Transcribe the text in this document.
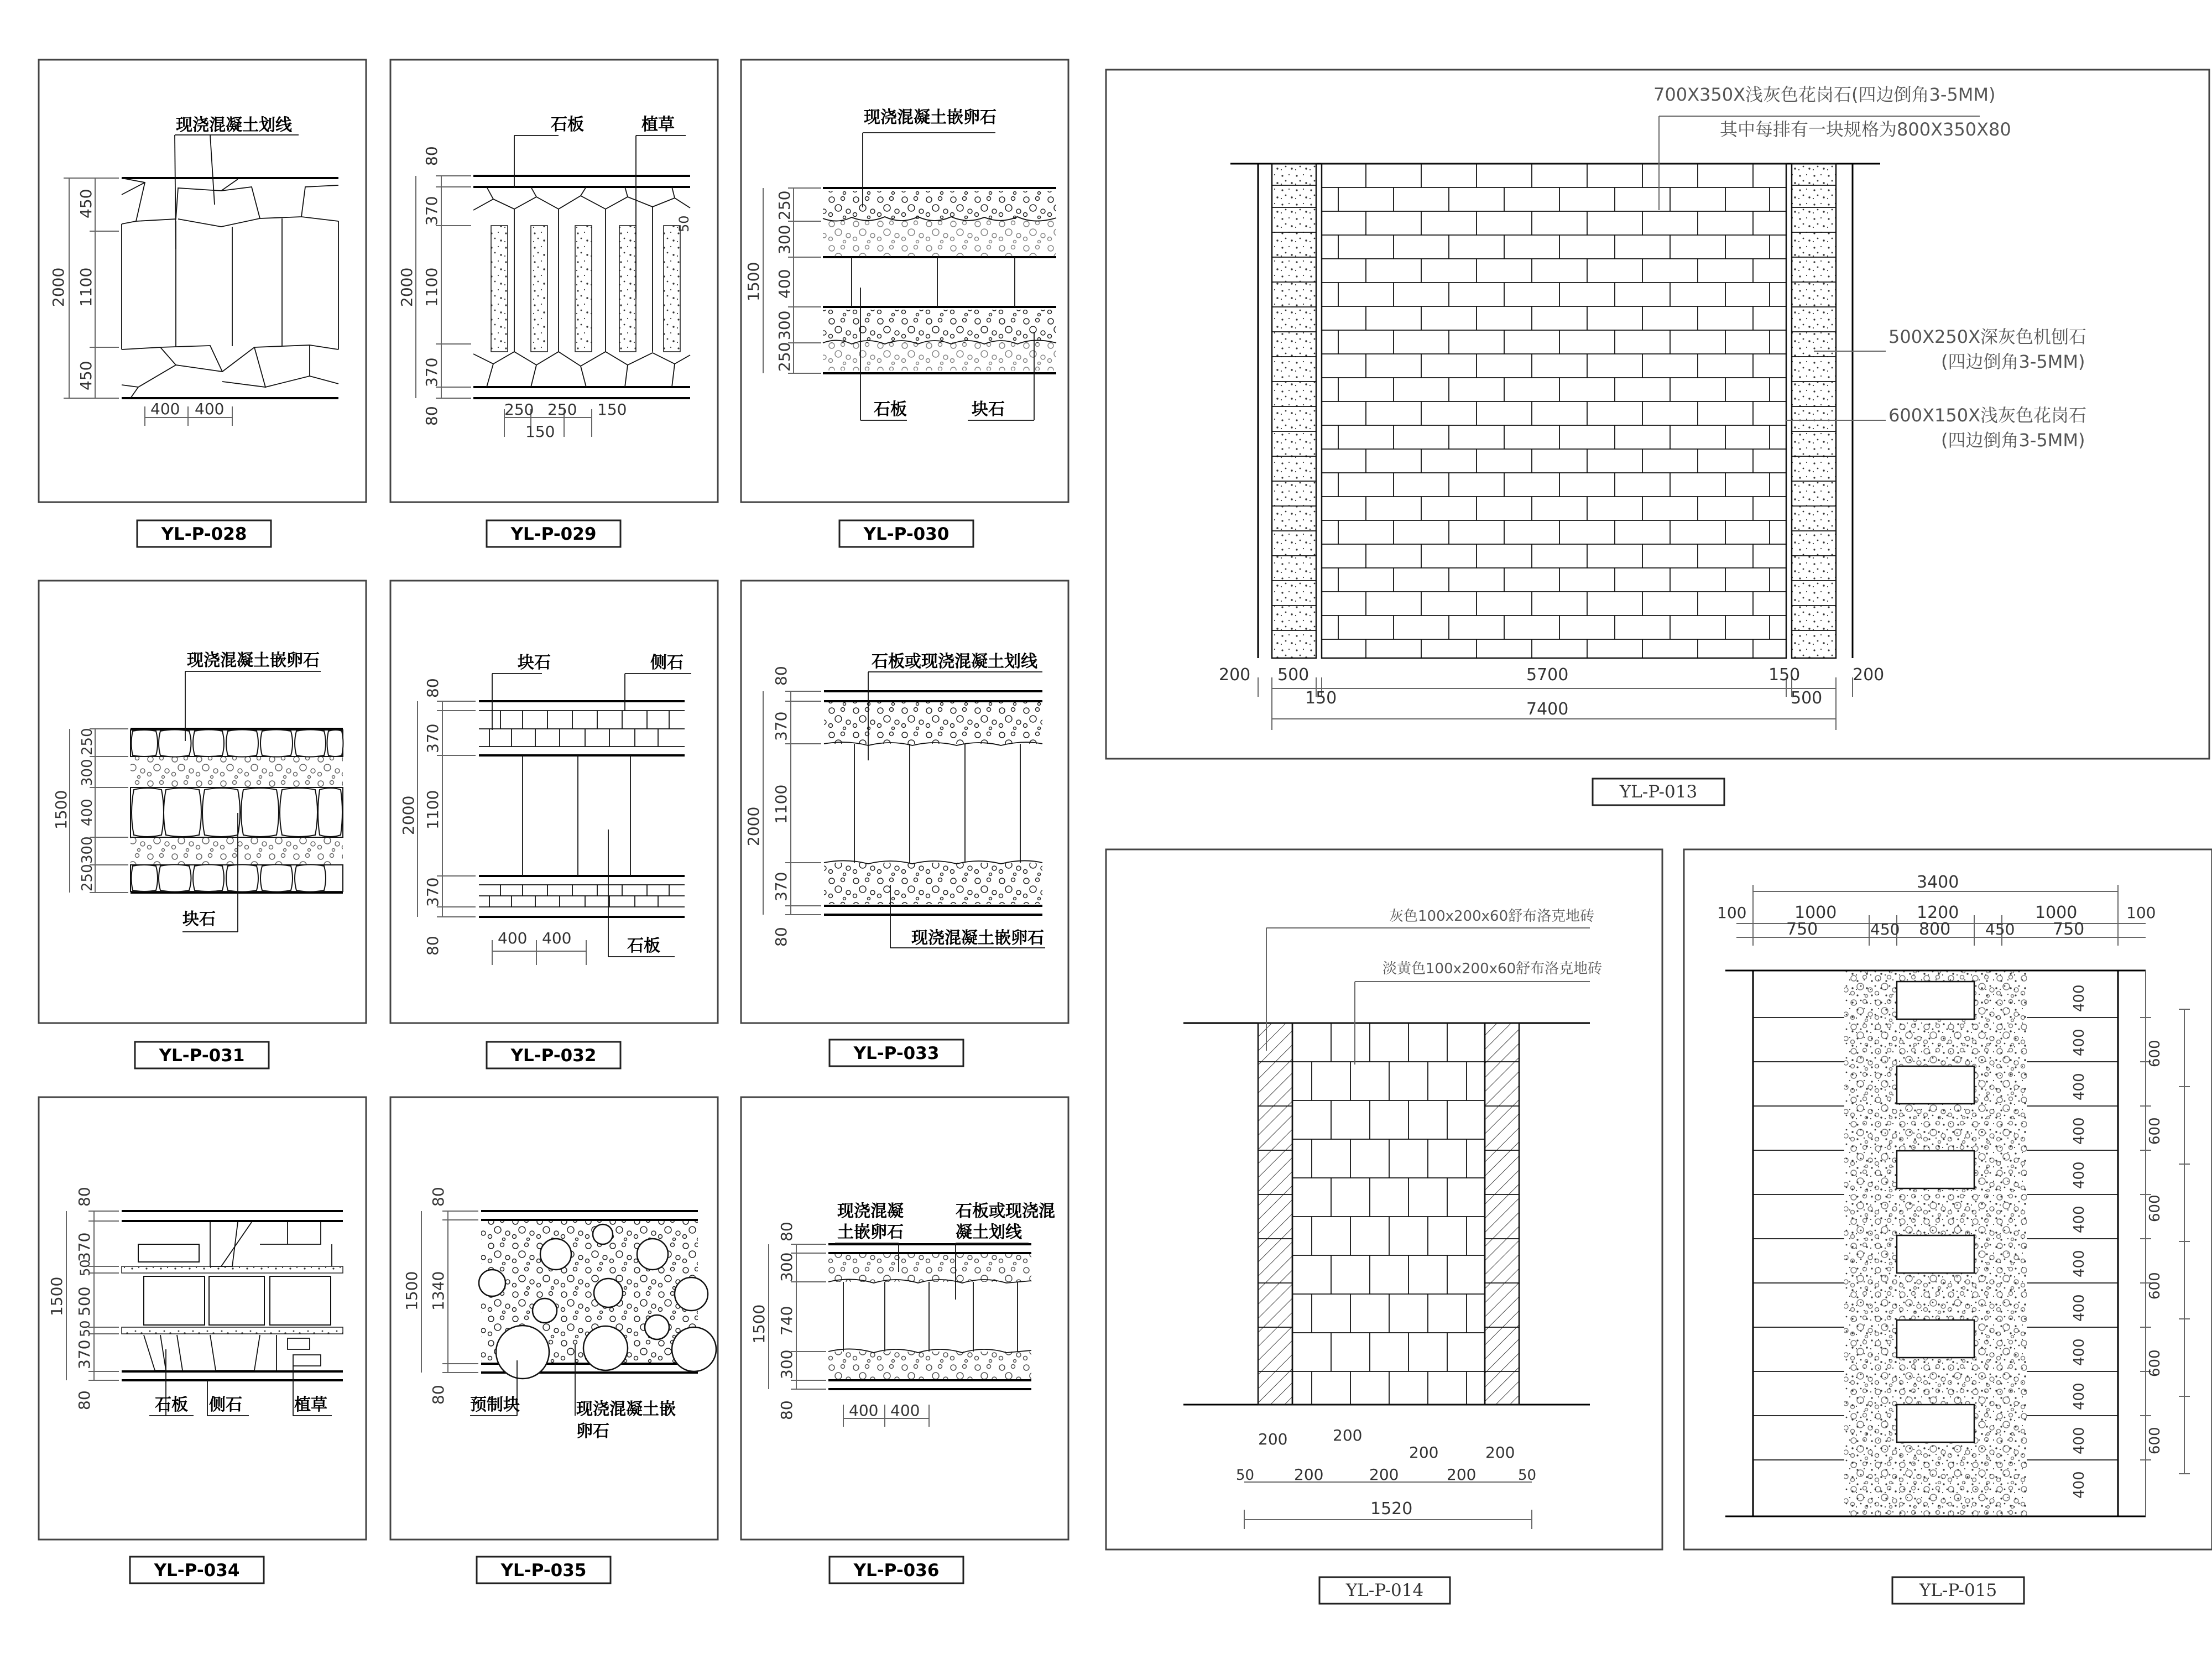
现浇混凝土划线
450
1100
450
2000
400 400
YL-P-028
石板	植草
80
370
1100
370
80
2000
50
250 250 150
150
YL-P-029
现浇混凝土嵌卵石
石板	块石
250
300
400
300
250
1500
YL-P-030
现浇混凝土嵌卵石
块石
250
300
400
300
250
1500
YL-P-031
块石	侧石
石板
80
370
1100
370
80
2000
400 400
YL-P-032
石板或现浇混凝土划线
现浇混凝土嵌卵石
80
370
1100
370
80
2000
YL-P-033
石板 侧石	植草
80
370
50
500
50
370
80
1500
YL-P-034
预制块	现浇混凝土嵌
卵石
80
1340
80
1500
YL-P-035
现浇混凝
土嵌卵石
石板或现浇混
凝土划线
80
300
740
300
80
1500
400 400
YL-P-036
700X350X浅灰色花岗石(四边倒角3-5MM)
其中每排有一块规格为800X350X80
500X250X深灰色机刨石
(四边倒角3-5MM)
600X150X浅灰色花岗石
(四边倒角3-5MM)
200 500	5700	150	200
150	500
7400
YL-P-013
灰色100x200x60舒布洛克地砖
淡黄色100x200x60舒布洛克地砖
200	200
200	200
50	200	200	200	50
1520
YL-P-014
3400
100	1000	1200	1000	100
750	450 800 450 750
400
400
400
400
400
400
400
400
400
400
400
400
600
600
600
600
600
600
YL-P-015
